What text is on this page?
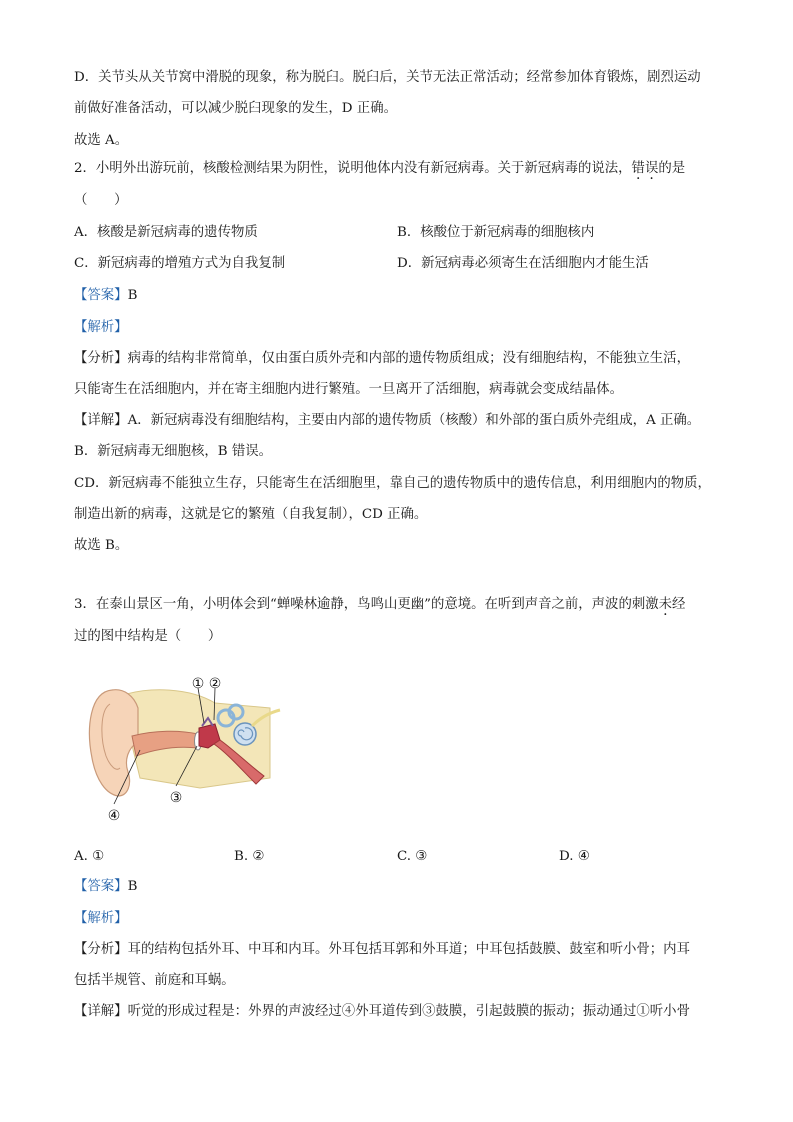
D．关节头从关节窝中滑脱的现象，称为脱臼。脱臼后，关节无法正常活动；经常参加体育锻炼，剧烈运动
前做好准备活动，可以减少脱臼现象的发生，D 正确。
故选 A。
2．小明外出游玩前，核酸检测结果为阴性，说明他体内没有新冠病毒。关于新冠病毒的说法，错误的是
（　　）
A．核酸是新冠病毒的遗传物质	B．核酸位于新冠病毒的细胞核内
C．新冠病毒的增殖方式为自我复制	D．新冠病毒必须寄生在活细胞内才能生活
【答案】B
【解析】
【分析】病毒的结构非常简单，仅由蛋白质外壳和内部的遗传物质组成；没有细胞结构，不能独立生活，
只能寄生在活细胞内，并在寄主细胞内进行繁殖。一旦离开了活细胞，病毒就会变成结晶体。
【详解】A．新冠病毒没有细胞结构，主要由内部的遗传物质（核酸）和外部的蛋白质外壳组成，A 正确。
B．新冠病毒无细胞核，B 错误。
CD．新冠病毒不能独立生存，只能寄生在活细胞里，靠自己的遗传物质中的遗传信息，利用细胞内的物质，
制造出新的病毒，这就是它的繁殖（自我复制），CD 正确。
故选 B。
3．在泰山景区一角，小明体会到“蝉噪林逾静，鸟鸣山更幽”的意境。在听到声音之前，声波的刺激未经
过的图中结构是（　　）
① ②
③
④
A. ①	B. ②	C. ③	D. ④
【答案】B
【解析】
【分析】耳的结构包括外耳、中耳和内耳。外耳包括耳郭和外耳道；中耳包括鼓膜、鼓室和听小骨；内耳
包括半规管、前庭和耳蜗。
【详解】听觉的形成过程是：外界的声波经过④外耳道传到③鼓膜，引起鼓膜的振动；振动通过①听小骨
